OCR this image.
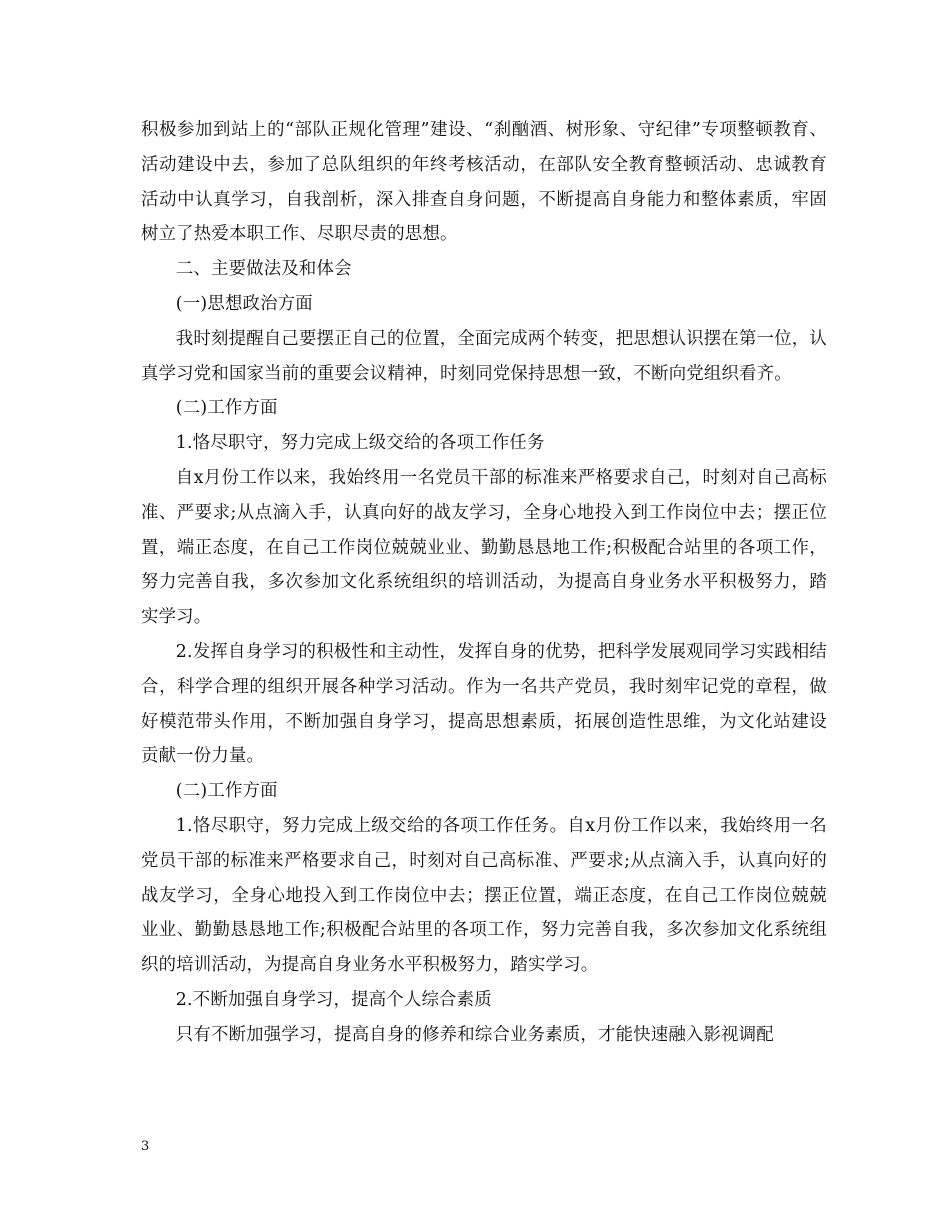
积极参加到站上的“部队正规化管理”建设、“刹酗酒、树形象、守纪律”专项整顿教育、活动建设中去，参加了总队组织的年终考核活动，在部队安全教育整顿活动、忠诚教育活动中认真学习，自我剖析，深入排查自身问题，不断提高自身能力和整体素质，牢固树立了热爱本职工作、尽职尽责的思想。

二、主要做法及和体会

(一)思想政治方面

我时刻提醒自己要摆正自己的位置，全面完成两个转变，把思想认识摆在第一位，认真学习党和国家当前的重要会议精神，时刻同党保持思想一致，不断向党组织看齐。

(二)工作方面

1.恪尽职守，努力完成上级交给的各项工作任务

自x月份工作以来，我始终用一名党员干部的标准来严格要求自己，时刻对自己高标准、严要求;从点滴入手，认真向好的战友学习，全身心地投入到工作岗位中去；摆正位置，端正态度，在自己工作岗位兢兢业业、勤勤恳恳地工作;积极配合站里的各项工作，努力完善自我，多次参加文化系统组织的培训活动，为提高自身业务水平积极努力，踏实学习。

2.发挥自身学习的积极性和主动性，发挥自身的优势，把科学发展观同学习实践相结合，科学合理的组织开展各种学习活动。作为一名共产党员，我时刻牢记党的章程，做好模范带头作用，不断加强自身学习，提高思想素质，拓展创造性思维，为文化站建设贡献一份力量。

(二)工作方面

1.恪尽职守，努力完成上级交给的各项工作任务。自x月份工作以来，我始终用一名党员干部的标准来严格要求自己，时刻对自己高标准、严要求;从点滴入手，认真向好的战友学习，全身心地投入到工作岗位中去；摆正位置，端正态度，在自己工作岗位兢兢业业、勤勤恳恳地工作;积极配合站里的各项工作，努力完善自我，多次参加文化系统组织的培训活动，为提高自身业务水平积极努力，踏实学习。

2.不断加强自身学习，提高个人综合素质

只有不断加强学习，提高自身的修养和综合业务素质，才能快速融入影视调配

3
